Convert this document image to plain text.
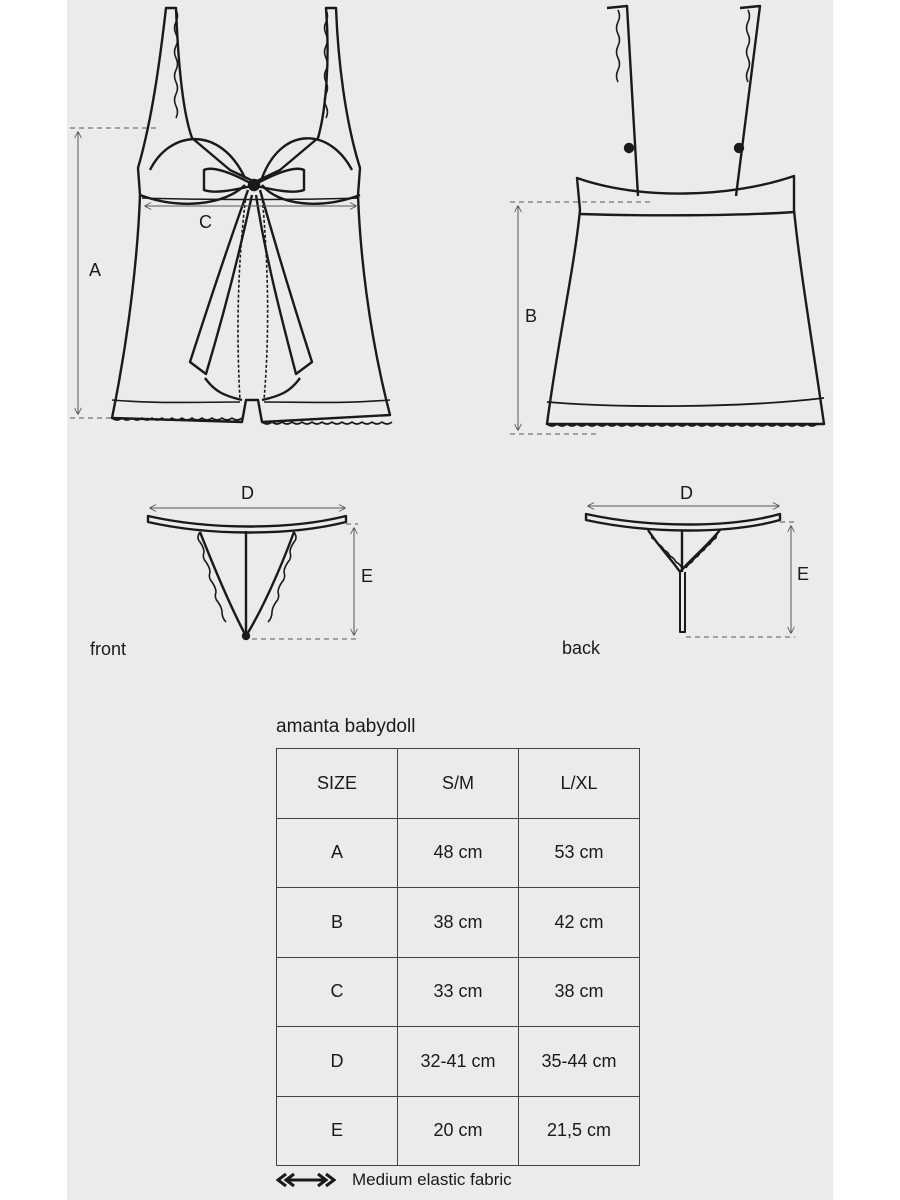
A
C
B
D
E
D
E
front	back
amanta babydoll
SIZE	S/M	L/XL
A	48 cm	53 cm
B	38 cm	42 cm
C	33 cm	38 cm
D	32-41 cm	35-44 cm
E	20 cm	21,5 cm
Medium elastic fabric
